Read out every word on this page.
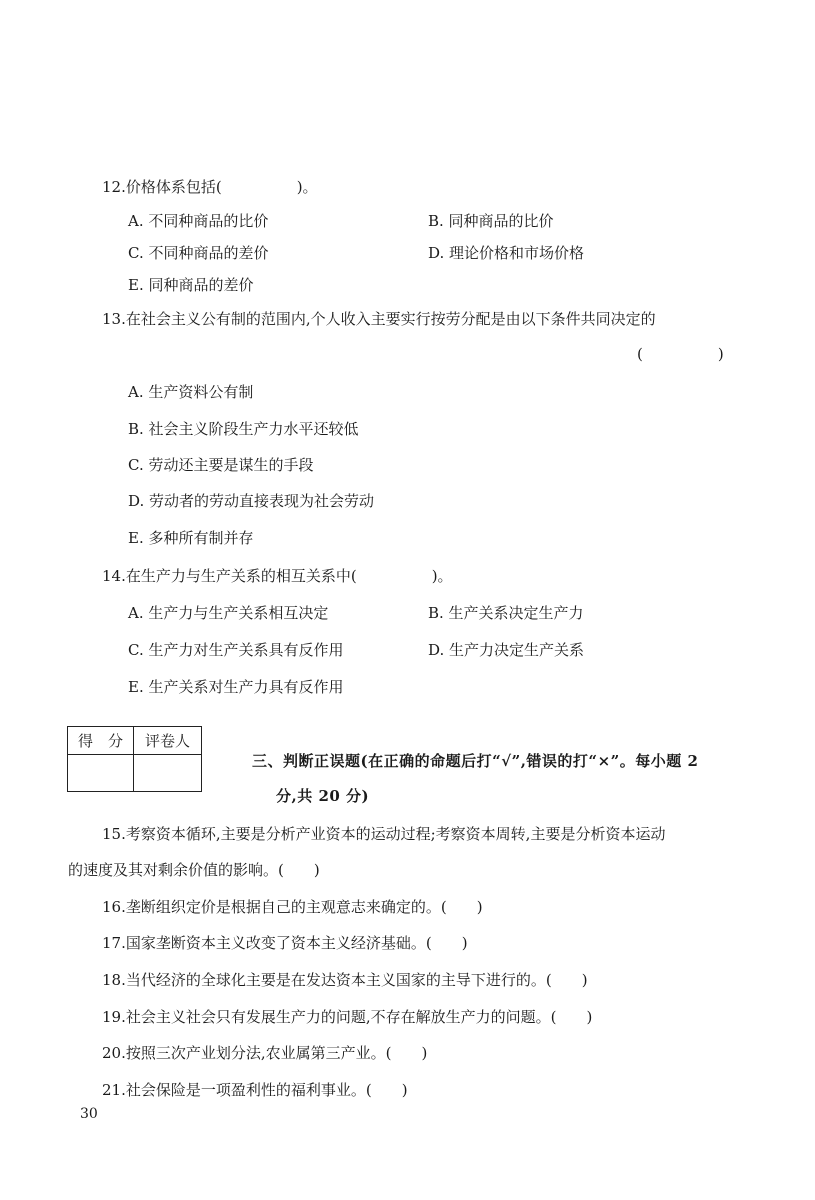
12.价格体系包括(　　　　　)。
A. 不同种商品的比价	B. 同种商品的比价
C. 不同种商品的差价	D. 理论价格和市场价格
E. 同种商品的差价
13.在社会主义公有制的范围内,个人收入主要实行按劳分配是由以下条件共同决定的
(　　　　　)
A. 生产资料公有制
B. 社会主义阶段生产力水平还较低
C. 劳动还主要是谋生的手段
D. 劳动者的劳动直接表现为社会劳动
E. 多种所有制并存
14.在生产力与生产关系的相互关系中(　　　　　)。
A. 生产力与生产关系相互决定	B. 生产关系决定生产力
C. 生产力对生产关系具有反作用	D. 生产力决定生产关系
E. 生产关系对生产力具有反作用
得　分	评卷人

三、判断正误题(在正确的命题后打“√”,错误的打“×”。每小题 2
分,共 20 分)
15.考察资本循环,主要是分析产业资本的运动过程;考察资本周转,主要是分析资本运动
的速度及其对剩余价值的影响。(　　)
16.垄断组织定价是根据自己的主观意志来确定的。(　　)
17.国家垄断资本主义改变了资本主义经济基础。(　　)
18.当代经济的全球化主要是在发达资本主义国家的主导下进行的。(　　)
19.社会主义社会只有发展生产力的问题,不存在解放生产力的问题。(　　)
20.按照三次产业划分法,农业属第三产业。(　　)
21.社会保险是一项盈利性的福利事业。(　　)
30
